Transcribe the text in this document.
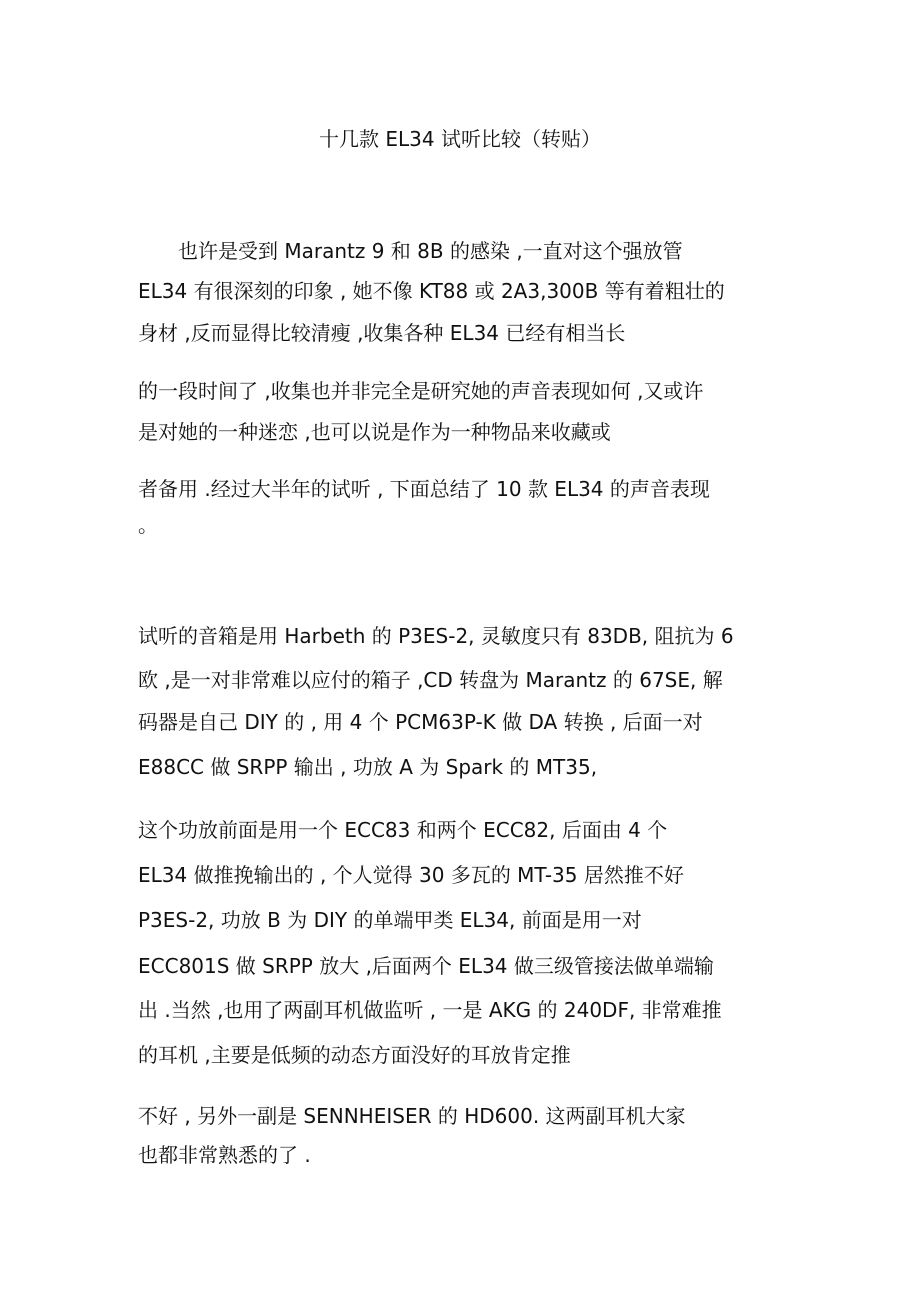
十几款 EL34 试听比较（转贴）
　　也许是受到 Marantz 9 和 8B 的感染 ,一直对这个强放管
EL34 有很深刻的印象 , 她不像 KT88 或 2A3,300B 等有着粗壮的
身材 ,反而显得比较清瘦 ,收集各种 EL34 已经有相当长
的一段时间了 ,收集也并非完全是研究她的声音表现如何 ,又或许
是对她的一种迷恋 ,也可以说是作为一种物品来收藏或
者备用 .经过大半年的试听 , 下面总结了 10 款 EL34 的声音表现
。
试听的音箱是用 Harbeth 的 P3ES-2, 灵敏度只有 83DB, 阻抗为 6
欧 ,是一对非常难以应付的箱子 ,CD 转盘为 Marantz 的 67SE, 解
码器是自己 DIY 的 , 用 4 个 PCM63P-K 做 DA 转换 , 后面一对
E88CC 做 SRPP 输出 , 功放 A 为 Spark 的 MT35,
这个功放前面是用一个 ECC83 和两个 ECC82, 后面由 4 个
EL34 做推挽输出的 , 个人觉得 30 多瓦的 MT-35 居然推不好
P3ES-2, 功放 B 为 DIY 的单端甲类 EL34, 前面是用一对
ECC801S 做 SRPP 放大 ,后面两个 EL34 做三级管接法做单端输
出 .当然 ,也用了两副耳机做监听 , 一是 AKG 的 240DF, 非常难推
的耳机 ,主要是低频的动态方面没好的耳放肯定推
不好 , 另外一副是 SENNHEISER 的 HD600. 这两副耳机大家
也都非常熟悉的了 .
